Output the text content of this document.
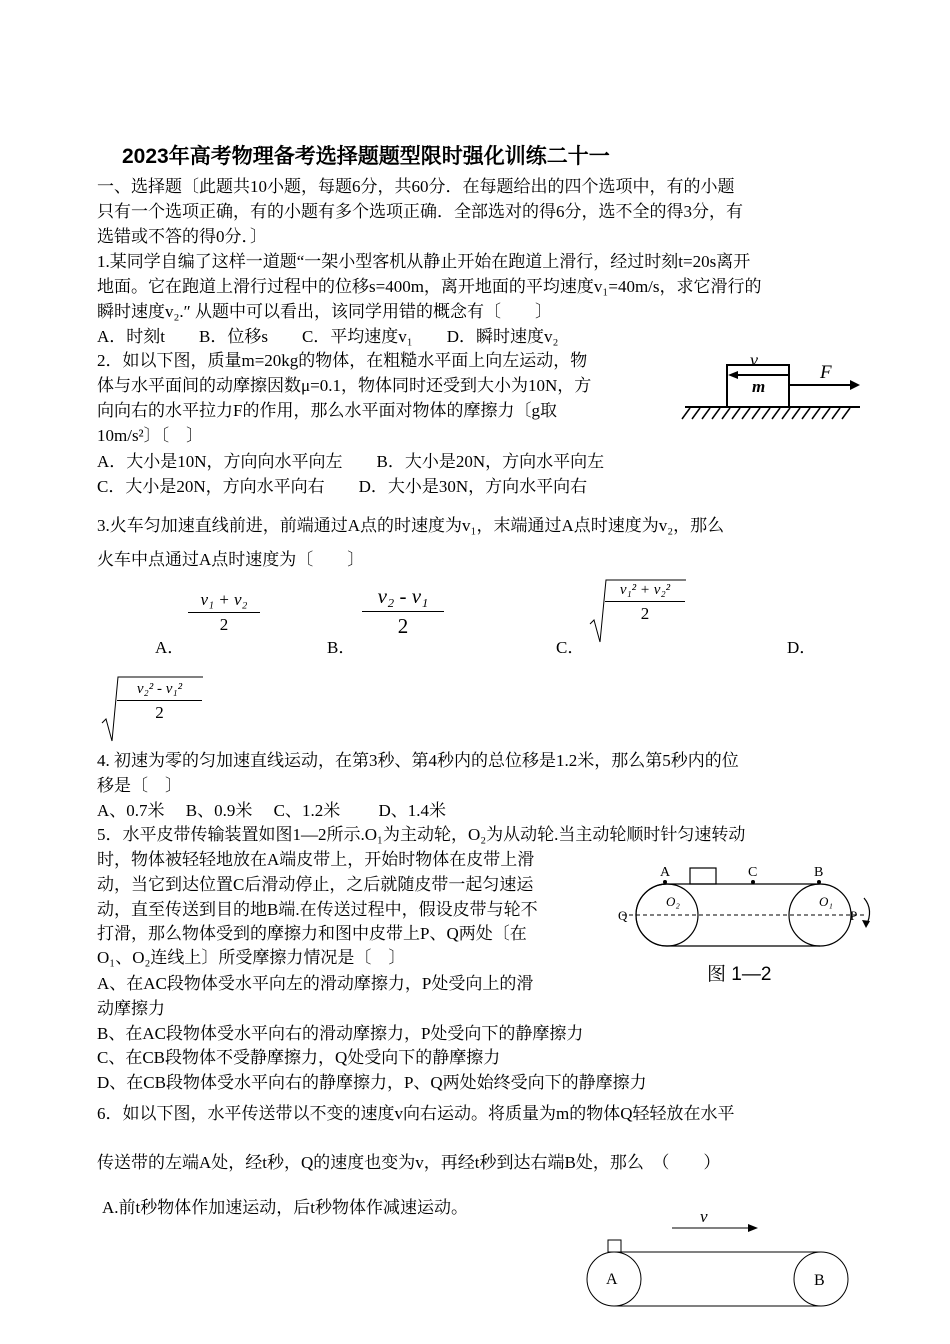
2023年高考物理备考选择题题型限时强化训练二十一
一、选择题〔此题共10小题，每题6分，共60分．在每题给出的四个选项中，有的小题
只有一个选项正确，有的小题有多个选项正确．全部选对的得6分，选不全的得3分，有
选错或不答的得0分．〕
1.某同学自编了这样一道题“一架小型客机从静止开始在跑道上滑行，经过时刻t=20s离开
地面。它在跑道上滑行过程中的位移s=400m，离开地面的平均速度v₁=40m/s，求它滑行的
瞬时速度v₂.″ 从题中可以看出，该同学用错的概念有〔　　〕
A．时刻t　　B．位移s　　C．平均速度v₁　　D．瞬时速度v₂
2．如以下图，质量m=20kg的物体，在粗糙水平面上向左运动，物
体与水平面间的动摩擦因数μ=0.1，物体同时还受到大小为10N，方
向向右的水平拉力F的作用，那么水平面对物体的摩擦力〔g取
10m/s²〕〔　〕
A．大小是10N，方向向水平向左　　B．大小是20N，方向水平向左
C．大小是20N，方向水平向右　　D．大小是30N，方向水平向右
v
m
F
3.火车匀加速直线前进，前端通过A点的时速度为v₁，末端通过A点时速度为v₂，那么
火车中点通过A点时速度为〔　　〕
A．	B．	C．	D．
v₁ + v₂
2
v₂ - v₁
2
v₁² + v₂²
2
v₂² - v₁²
2
4. 初速为零的匀加速直线运动，在第3秒、第4秒内的总位移是1.2米，那么第5秒内的位
移是〔　〕
A、0.7米　 B、0.9米　 C、1.2米　　 D、1.4米
5．水平皮带传输装置如图1—2所示.O₁为主动轮，O₂为从动轮.当主动轮顺时针匀速转动
时，物体被轻轻地放在A端皮带上，开始时物体在皮带上滑
动，当它到达位置C后滑动停止，之后就随皮带一起匀速运
动，直至传送到目的地B端.在传送过程中，假设皮带与轮不
打滑，那么物体受到的摩擦力和图中皮带上P、Q两处〔在
O₁、O₂连线上〕所受摩擦力情况是〔　〕
A、在AC段物体受水平向左的滑动摩擦力，P处受向上的滑
动摩擦力
B、在AC段物体受水平向右的滑动摩擦力，P处受向下的静摩擦力
C、在CB段物体不受静摩擦力，Q处受向下的静摩擦力
D、在CB段物体受水平向右的静摩擦力，P、Q两处始终受向下的静摩擦力
A	C	B
O₂	O₁
Q	P
图 1—2
6．如以下图，水平传送带以不变的速度v向右运动。将质量为m的物体Q轻轻放在水平
传送带的左端A处，经t秒，Q的速度也变为v，再经t秒到达右端B处，那么　（　　）
A.前t秒物体作加速运动，后t秒物体作减速运动。	v
A	B
